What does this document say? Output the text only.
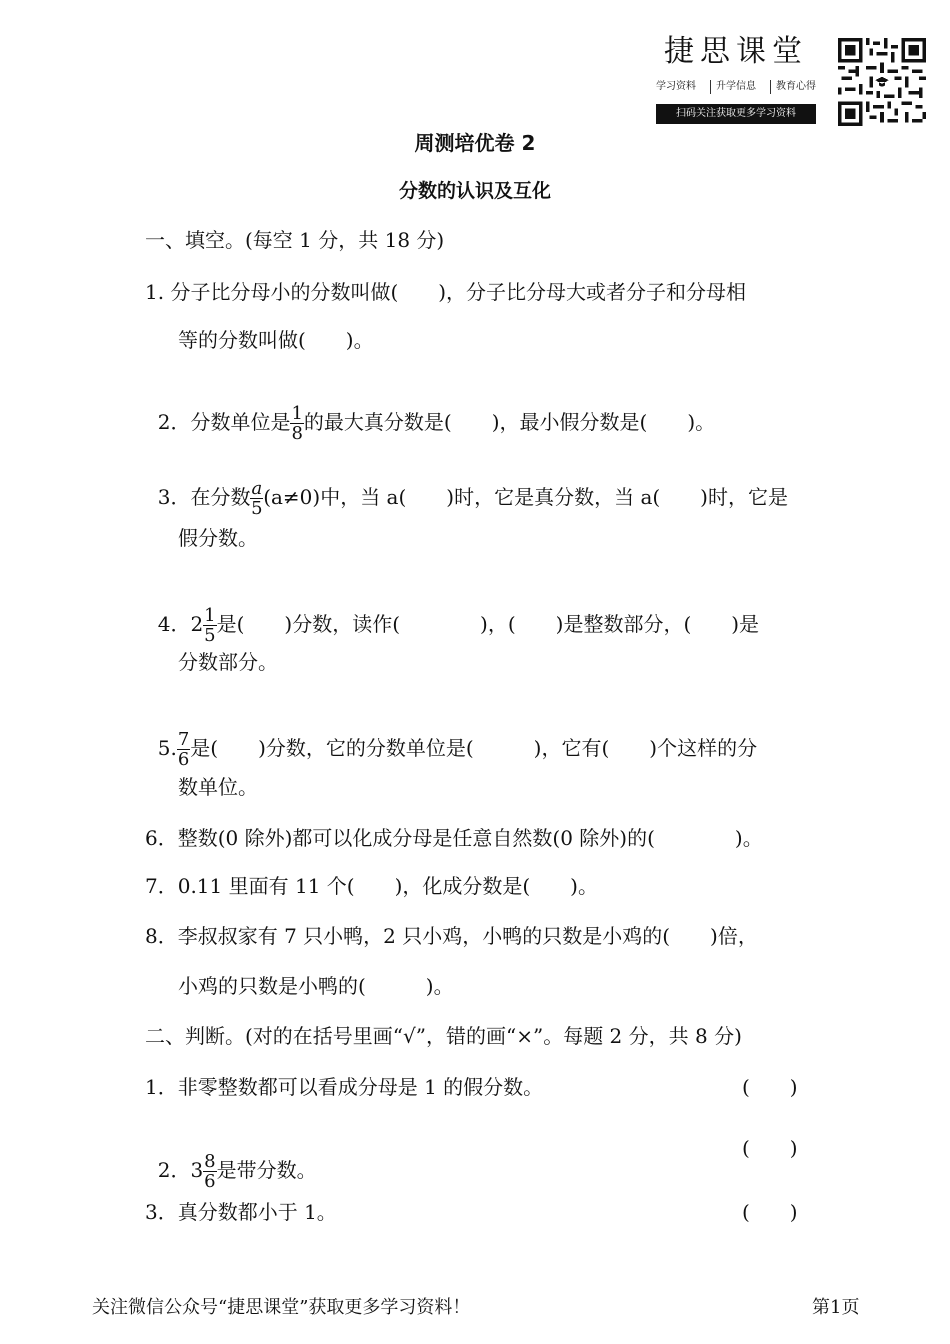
捷思课堂
学习资料	升学信息	教育心得
扫码关注获取更多学习资料
周测培优卷 2
分数的认识及互化
一、填空。(每空 1 分，共 18 分)
1. 分子比分母小的分数叫做(　　)，分子比分母大或者分子和分母相
等的分数叫做(　　)。

2．分数单位是 $\frac{1}{8}$ 的最大真分数是(　　)，最小假分数是(　　)。

3．在分数 $\frac{a}{5} (a\ne 0)$中，当 a(　　)时，它是真分数，当 a(　　)时，它是

假分数。

4．$2 \frac{1}{5}$ 是(　　)分数，读作(　　　　)，(　　)是整数部分，(　　)是

分数部分。

5. $\frac{7}{6}$ 是(　　)分数，它的分数单位是(　　　)，它有(　　)个这样的分

数单位。
6．整数(0 除外)都可以化成分母是任意自然数(0 除外)的(　　　　)。
7．0.11 里面有 11 个(　　)，化成分数是(　　)。
8．李叔叔家有 7 只小鸭，2 只小鸡，小鸭的只数是小鸡的(　　)倍，
小鸡的只数是小鸭的(　　　)。
二、判断。(对的在括号里画“√”，错的画“×”。每题 2 分，共 8 分)
1．非零整数都可以看成分母是 1 的假分数。	(　　)

2．$3 \frac{8}{6}$ 是带分数。

(　　)
3．真分数都小于 1。	(　　)
关注微信公众号“捷思课堂”获取更多学习资料！	第1页
